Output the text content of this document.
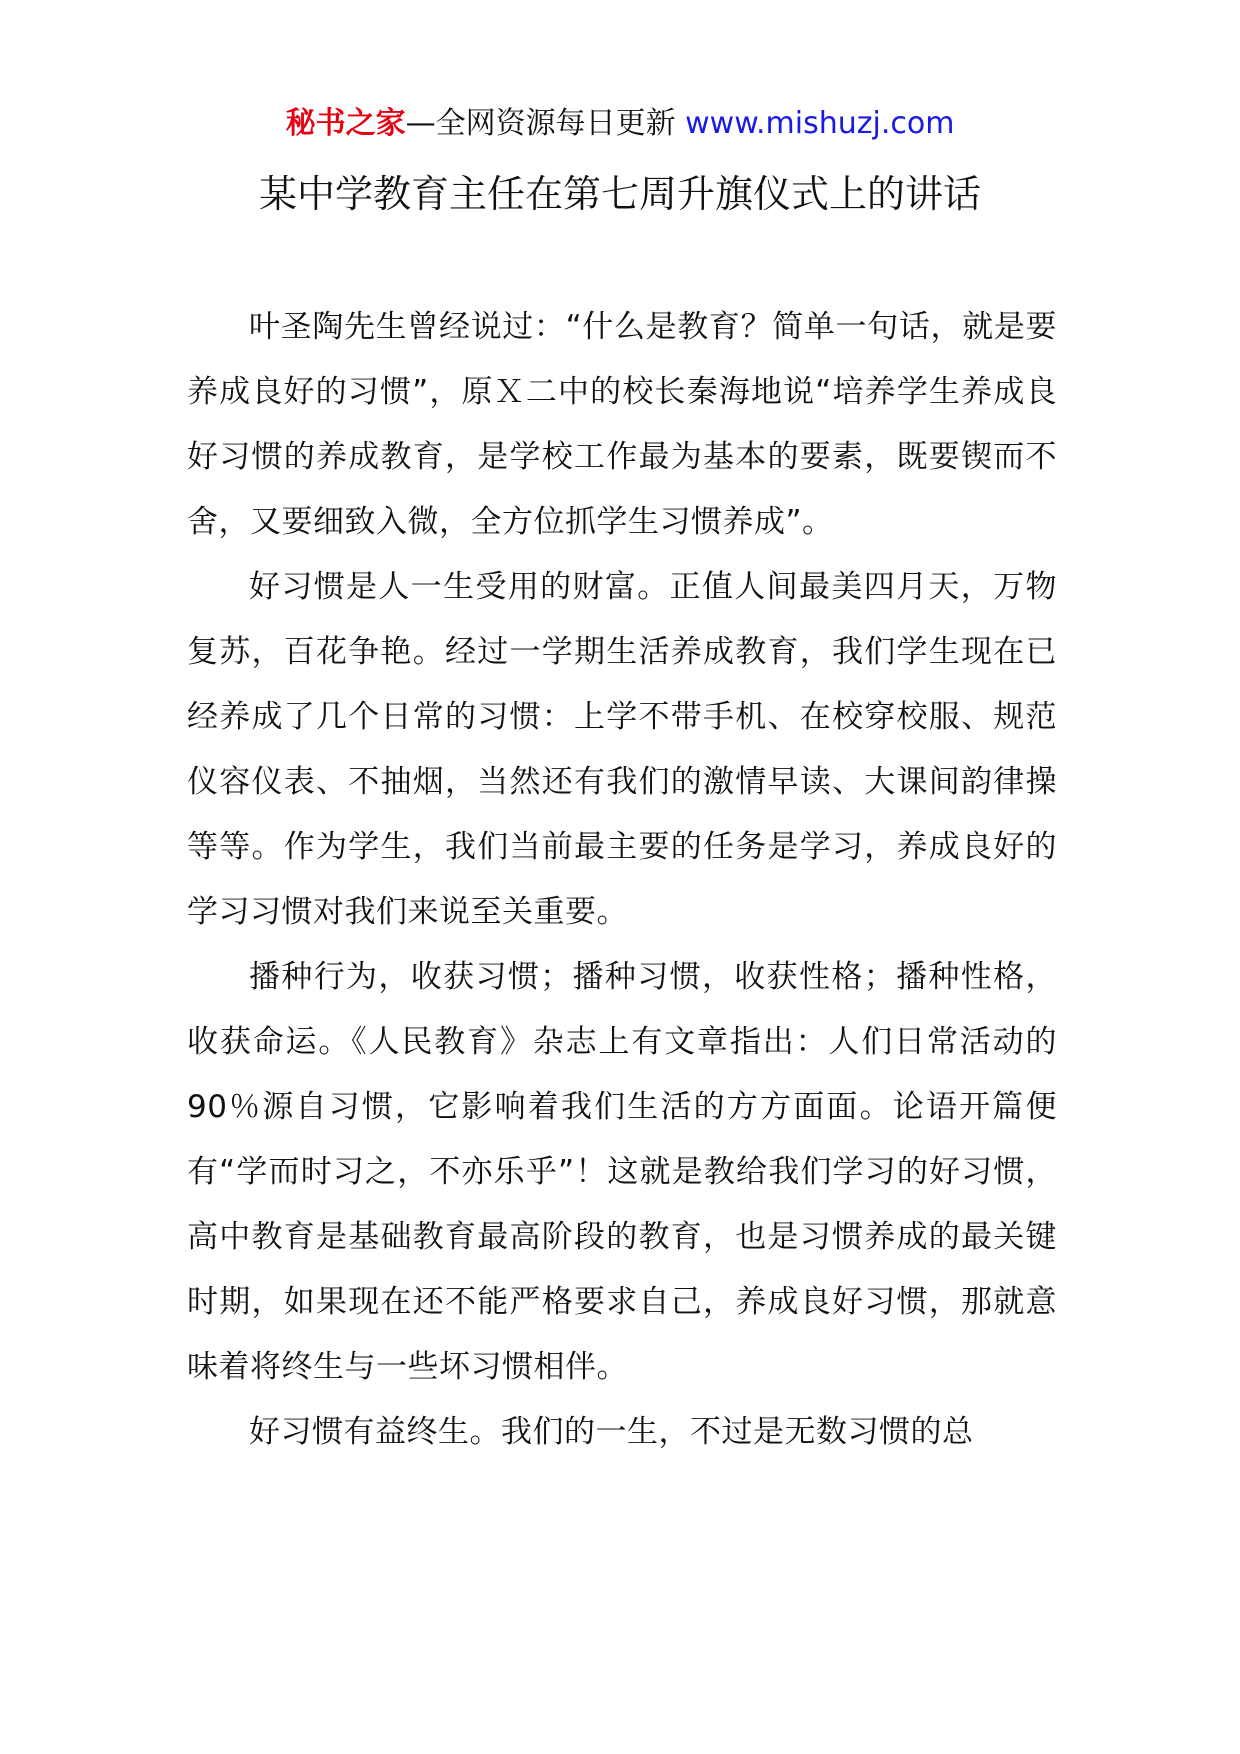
秘书之家—全网资源每日更新 www.mishuzj.com
某中学教育主任在第七周升旗仪式上的讲话

叶圣陶先生曾经说过：“什么是教育？简单一句话，就是要养成良好的习惯”，原Ｘ二中的校长秦海地说“培养学生养成良好习惯的养成教育，是学校工作最为基本的要素，既要锲而不舍，又要细致入微，全方位抓学生习惯养成”。

好习惯是人一生受用的财富。正值人间最美四月天，万物复苏，百花争艳。经过一学期生活养成教育，我们学生现在已经养成了几个日常的习惯：上学不带手机、在校穿校服、规范仪容仪表、不抽烟，当然还有我们的激情早读、大课间韵律操等等。作为学生，我们当前最主要的任务是学习，养成良好的学习习惯对我们来说至关重要。

播种行为，收获习惯；播种习惯，收获性格；播种性格，收获命运。《人民教育》杂志上有文章指出：人们日常活动的90％源自习惯，它影响着我们生活的方方面面。论语开篇便有“学而时习之，不亦乐乎”！这就是教给我们学习的好习惯，高中教育是基础教育最高阶段的教育，也是习惯养成的最关键时期，如果现在还不能严格要求自己，养成良好习惯，那就意味着将终生与一些坏习惯相伴。

好习惯有益终生。我们的一生，不过是无数习惯的总
